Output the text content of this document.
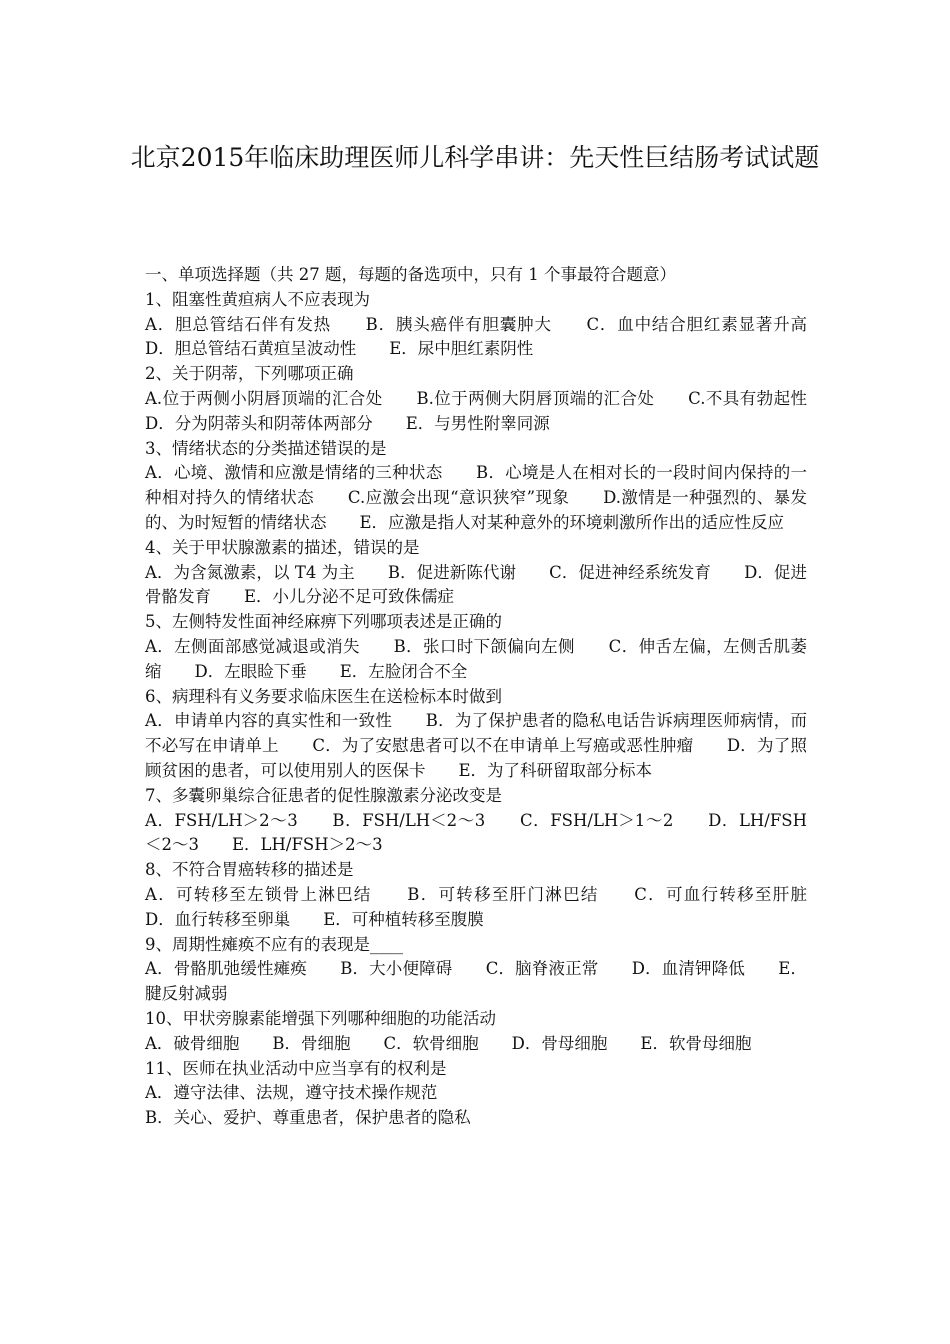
北京2015年临床助理医师儿科学串讲：先天性巨结肠考试试题
一、单项选择题（共 27 题，每题的备选项中，只有 1 个事最符合题意）
1、阻塞性黄疸病人不应表现为
A．胆总管结石伴有发热　　B．胰头癌伴有胆囊肿大　　C．血中结合胆红素显著升高　　D．胆总管结石黄疸呈波动性　　E．尿中胆红素阴性
2、关于阴蒂，下列哪项正确
A.位于两侧小阴唇顶端的汇合处　　B.位于两侧大阴唇顶端的汇合处　　C.不具有勃起性　　D．分为阴蒂头和阴蒂体两部分　　E．与男性附睾同源
3、情绪状态的分类描述错误的是
A．心境、激情和应激是情绪的三种状态　　B．心境是人在相对长的一段时间内保持的一种相对持久的情绪状态　　C.应激会出现“意识狭窄”现象　　D.激情是一种强烈的、暴发的、为时短暂的情绪状态　　E．应激是指人对某种意外的环境刺激所作出的适应性反应
4、关于甲状腺激素的描述，错误的是
A．为含氮激素，以 T4 为主　　B．促进新陈代谢　　C．促进神经系统发育　　D．促进骨骼发育　　E．小儿分泌不足可致侏儒症
5、左侧特发性面神经麻痹下列哪项表述是正确的
A．左侧面部感觉减退或消失　　B．张口时下颌偏向左侧　　C．伸舌左偏，左侧舌肌萎缩　　D．左眼睑下垂　　E．左脸闭合不全
6、病理科有义务要求临床医生在送检标本时做到
A．申请单内容的真实性和一致性　　B．为了保护患者的隐私电话告诉病理医师病情，而不必写在申请单上　　C．为了安慰患者可以不在申请单上写癌或恶性肿瘤　　D．为了照顾贫困的患者，可以使用别人的医保卡　　E．为了科研留取部分标本
7、多囊卵巢综合征患者的促性腺激素分泌改变是
A．FSH/LH＞2～3　　B．FSH/LH＜2～3　　C．FSH/LH＞1～2　　D．LH/FSH＜2～3　　E．LH/FSH＞2～3
8、不符合胃癌转移的描述是
A．可转移至左锁骨上淋巴结　　B．可转移至肝门淋巴结　　C．可血行转移至肝脏　　D．血行转移至卵巢　　E．可种植转移至腹膜
9、周期性瘫痪不应有的表现是____
A．骨骼肌弛缓性瘫痪　　B．大小便障碍　　C．脑脊液正常　　D．血清钾降低　　E．腱反射减弱
10、甲状旁腺素能增强下列哪种细胞的功能活动
A．破骨细胞　　B．骨细胞　　C．软骨细胞　　D．骨母细胞　　E．软骨母细胞
11、医师在执业活动中应当享有的权利是
A．遵守法律、法规，遵守技术操作规范
B．关心、爱护、尊重患者，保护患者的隐私
